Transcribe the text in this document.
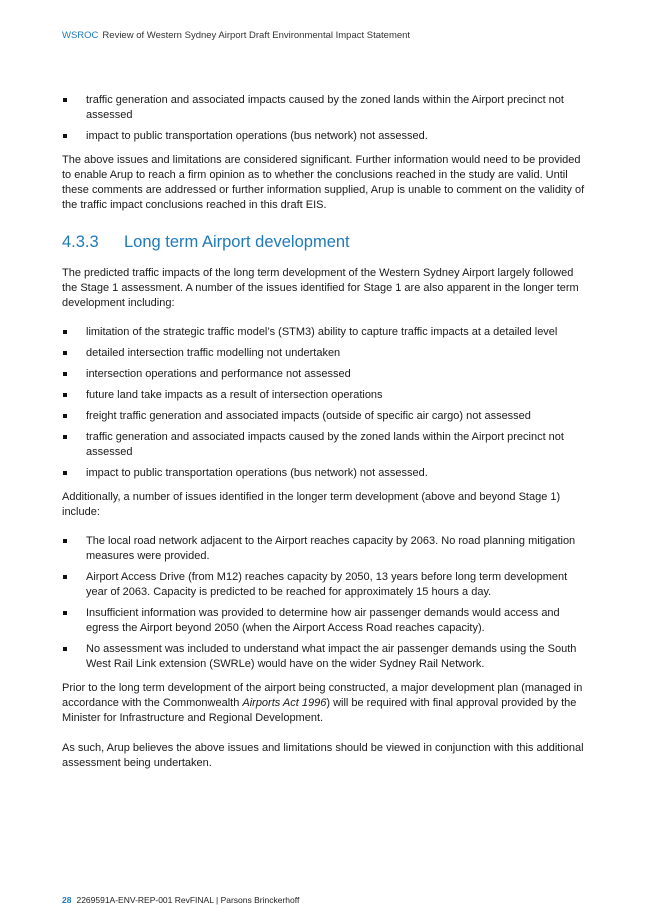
WSROC Review of Western Sydney Airport Draft Environmental Impact Statement
traffic generation and associated impacts caused by the zoned lands within the Airport precinct not assessed
impact to public transportation operations (bus network) not assessed.

The above issues and limitations are considered significant. Further information would need to be provided to enable Arup to reach a firm opinion as to whether the conclusions reached in the study are valid. Until these comments are addressed or further information supplied, Arup is unable to comment on the validity of the traffic impact conclusions reached in this draft EIS.

4.3.3	Long term Airport development

The predicted traffic impacts of the long term development of the Western Sydney Airport largely followed the Stage 1 assessment. A number of the issues identified for Stage 1 are also apparent in the longer term development including:

limitation of the strategic traffic model’s (STM3) ability to capture traffic impacts at a detailed level
detailed intersection traffic modelling not undertaken
intersection operations and performance not assessed
future land take impacts as a result of intersection operations
freight traffic generation and associated impacts (outside of specific air cargo) not assessed
traffic generation and associated impacts caused by the zoned lands within the Airport precinct not assessed
impact to public transportation operations (bus network) not assessed.

Additionally, a number of issues identified in the longer term development (above and beyond Stage 1) include:

The local road network adjacent to the Airport reaches capacity by 2063. No road planning mitigation measures were provided.
Airport Access Drive (from M12) reaches capacity by 2050, 13 years before long term development year of 2063. Capacity is predicted to be reached for approximately 15 hours a day.
Insufficient information was provided to determine how air passenger demands would access and egress the Airport beyond 2050 (when the Airport Access Road reaches capacity).
No assessment was included to understand what impact the air passenger demands using the South West Rail Link extension (SWRLe) would have on the wider Sydney Rail Network.

Prior to the long term development of the airport being constructed, a major development plan (managed in accordance with the Commonwealth Airports Act 1996) will be required with final approval provided by the Minister for Infrastructure and Regional Development.

As such, Arup believes the above issues and limitations should be viewed in conjunction with this additional assessment being undertaken.

28 2269591A-ENV-REP-001 RevFINAL | Parsons Brinckerhoff
